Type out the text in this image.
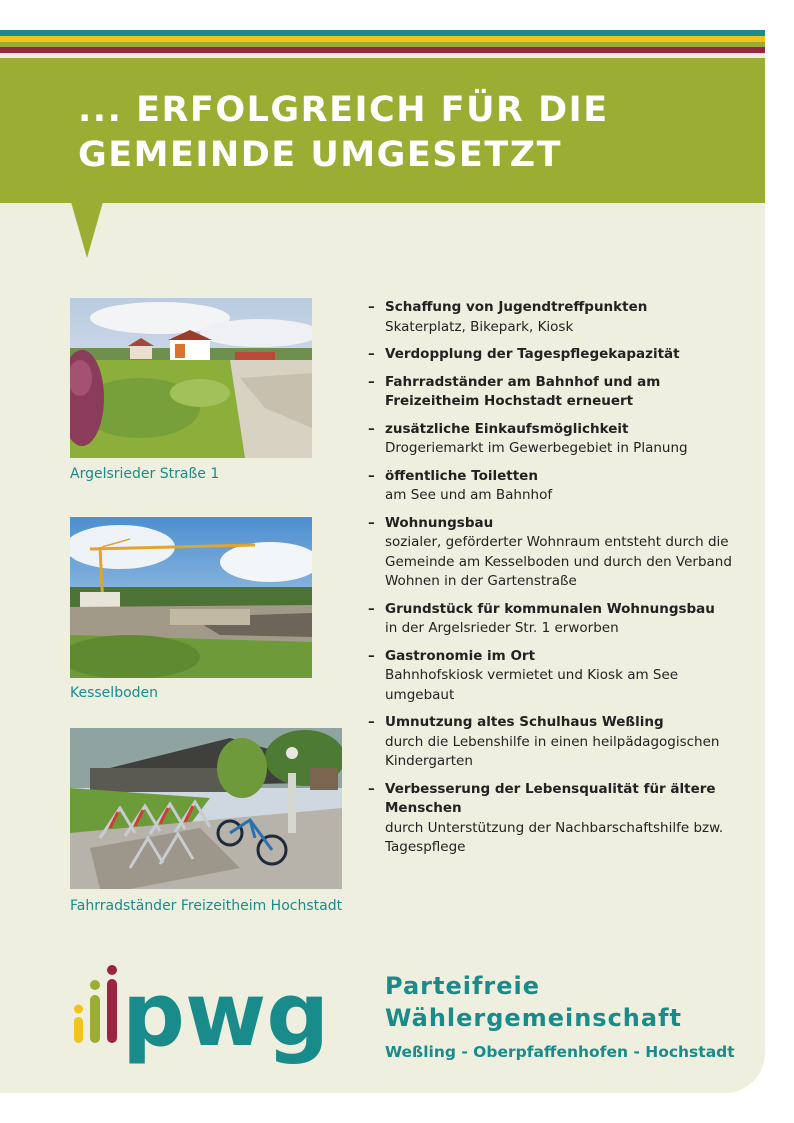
... ERFOLGREICH FÜR DIE
GEMEINDE UMGESETZT

Argelsrieder Straße 1

Kesselboden

Fahrradständer Freizeitheim Hochstadt

– Schaffung von Jugendtreffpunkten
Skaterplatz, Bikepark, Kiosk
– Verdopplung der Tagespflegekapazität
– Fahrradständer am Bahnhof und am Freizeitheim Hochstadt erneuert
– zusätzliche Einkaufsmöglichkeit
Drogeriemarkt im Gewerbegebiet in Planung
– öffentliche Toiletten
am See und am Bahnhof
– Wohnungsbau
sozialer, geförderter Wohnraum entsteht durch die Gemeinde am Kesselboden und durch den Verband Wohnen in der Gartenstraße
– Grundstück für kommunalen Wohnungsbau
in der Argelsrieder Str. 1 erworben
– Gastronomie im Ort
Bahnhofskiosk vermietet und Kiosk am See umgebaut
– Umnutzung altes Schulhaus Weßling
durch die Lebenshilfe in einen heilpädagogischen Kindergarten
– Verbesserung der Lebensqualität für ältere Menschen
durch Unterstützung der Nachbarschaftshilfe bzw. Tagespflege
pwg Parteifreie

Wählergemeinschaft

Weßling - Oberpfaffenhofen - Hochstadt
